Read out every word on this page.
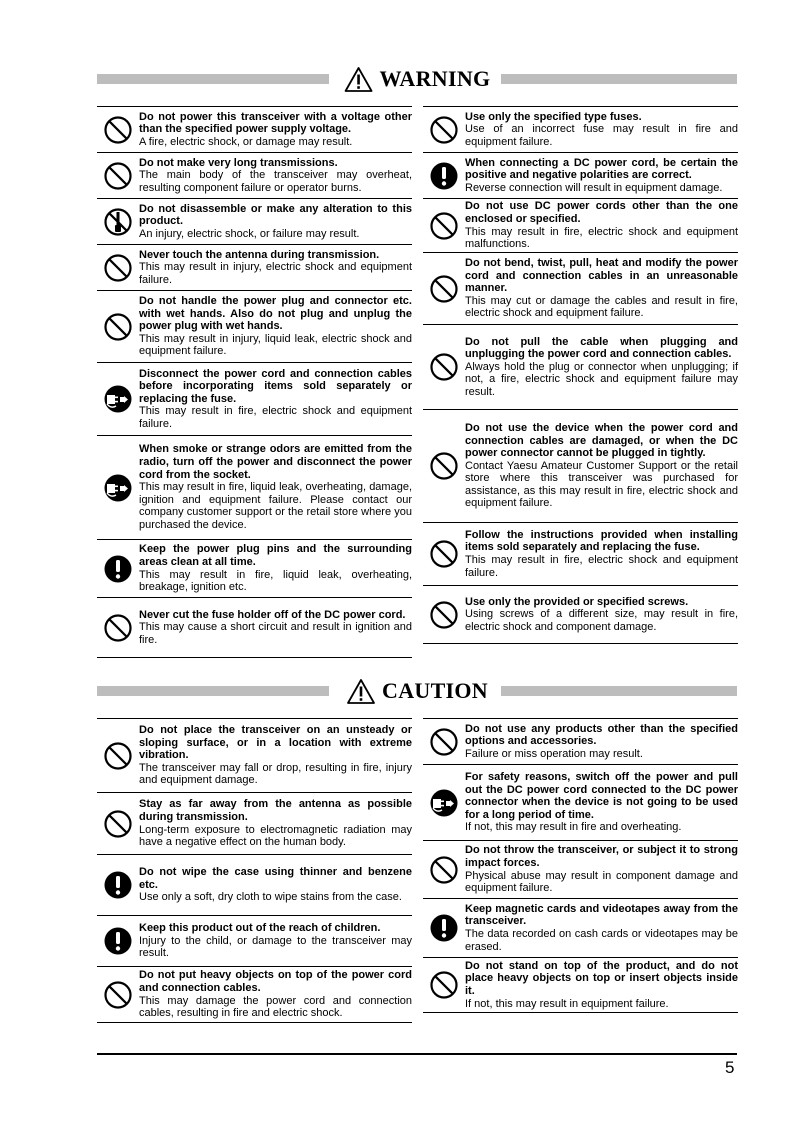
WARNING
Do not power this transceiver with a voltage other than the specified power supply voltage.
A fire, electric shock, or damage may result.
Do not make very long transmissions.
The main body of the transceiver may overheat, resulting component failure or operator burns.
Do not disassemble or make any alteration to this product.
An injury, electric shock, or failure may result.
Never touch the antenna during transmission.
This may result in injury, electric shock and equipment failure.
Do not handle the power plug and connector etc. with wet hands. Also do not plug and unplug the power plug with wet hands.
This may result in injury, liquid leak, electric shock and equipment failure.
Disconnect the power cord and connection cables before incorporating items sold separately or replacing the fuse.
This may result in fire, electric shock and equipment failure.
When smoke or strange odors are emitted from the radio, turn off the power and disconnect the power cord from the socket.
This may result in fire, liquid leak, overheating, damage, ignition and equipment failure. Please contact our company customer support or the retail store where you purchased the device.
Keep the power plug pins and the surrounding areas clean at all time.
This may result in fire, liquid leak, overheating, breakage, ignition etc.
Never cut the fuse holder off of the DC power cord.
This may cause a short circuit and result in ignition and fire.
Use only the specified type fuses.
Use of an incorrect fuse may result in fire and equipment failure.
When connecting a DC power cord, be certain the positive and negative polarities are correct.
Reverse connection will result in equipment damage.
Do not use DC power cords other than the one enclosed or specified.
This may result in fire, electric shock and equipment malfunctions.
Do not bend, twist, pull, heat and modify the power cord and connection cables in an unreasonable manner.
This may cut or damage the cables and result in fire, electric shock and equipment failure.
Do not pull the cable when plugging and unplugging the power cord and connection cables.
Always hold the plug or connector when unplugging; if not, a fire, electric shock and equipment failure may result.
Do not use the device when the power cord and connection cables are damaged, or when the DC power connector cannot be plugged in tightly.
Contact Yaesu Amateur Customer Support or the retail store where this transceiver was purchased for assistance, as this may result in fire, electric shock and equipment failure.
Follow the instructions provided when installing items sold separately and replacing the fuse.
This may result in fire, electric shock and equipment failure.
Use only the provided or specified screws.
Using screws of a different size, may result in fire, electric shock and component damage.
CAUTION
Do not place the transceiver on an unsteady or sloping surface, or in a location with extreme vibration.
The transceiver may fall or drop, resulting in fire, injury and equipment damage.
Stay as far away from the antenna as possible during transmission.
Long-term exposure to electromagnetic radiation may have a negative effect on the human body.
Do not wipe the case using thinner and benzene etc.
Use only a soft, dry cloth to wipe stains from the case.
Keep this product out of the reach of children.
Injury to the child, or damage to the transceiver may result.
Do not put heavy objects on top of the power cord and connection cables.
This may damage the power cord and connection cables, resulting in fire and electric shock.
Do not use any products other than the specified options and accessories.
Failure or miss operation may result.
For safety reasons, switch off the power and pull out the DC power cord connected to the DC power connector when the device is not going to be used for a long period of time.
If not, this may result in fire and overheating.
Do not throw the transceiver, or subject it to strong impact forces.
Physical abuse may result in component damage and equipment failure.
Keep magnetic cards and videotapes away from the transceiver.
The data recorded on cash cards or videotapes may be erased.
Do not stand on top of the product, and do not place heavy objects on top or insert objects inside it.
If not, this may result in equipment failure.
5
